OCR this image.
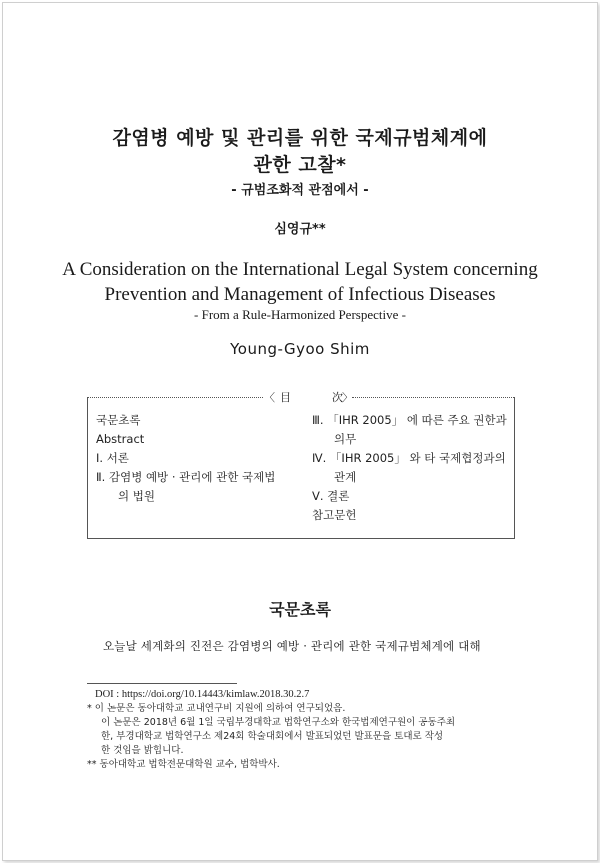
감염병 예방 및 관리를 위한 국제규범체계에
관한 고찰*
- 규범조화적 관점에서 -
심영규**
A Consideration on the International Legal System concerning
Prevention and Management of Infectious Diseases
- From a Rule-Harmonized Perspective -
Young-Gyoo Shim
〈 目	次 〉
국문초록
Abstract
Ⅰ. 서론
Ⅱ. 감염병 예방 · 관리에 관한 국제법
의 법원
Ⅲ. 「IHR 2005」 에 따른 주요 권한과
의무
Ⅳ. 「IHR 2005」 와 타 국제협정과의
관계
Ⅴ. 결론
참고문헌
국문초록
오늘날 세계화의 진전은 감염병의 예방 · 관리에 관한 국제규범체계에 대해
DOI : https://doi.org/10.14443/kimlaw.2018.30.2.7
* 이 논문은 동아대학교 교내연구비 지원에 의하여 연구되었음.
이 논문은 2018년 6월 1일 국립부경대학교 법학연구소와 한국법제연구원이 공동주최
한, 부경대학교 법학연구소 제24회 학술대회에서 발표되었던 발표문을 토대로 작성
한 것임을 밝힙니다.
** 동아대학교 법학전문대학원 교수, 법학박사.
